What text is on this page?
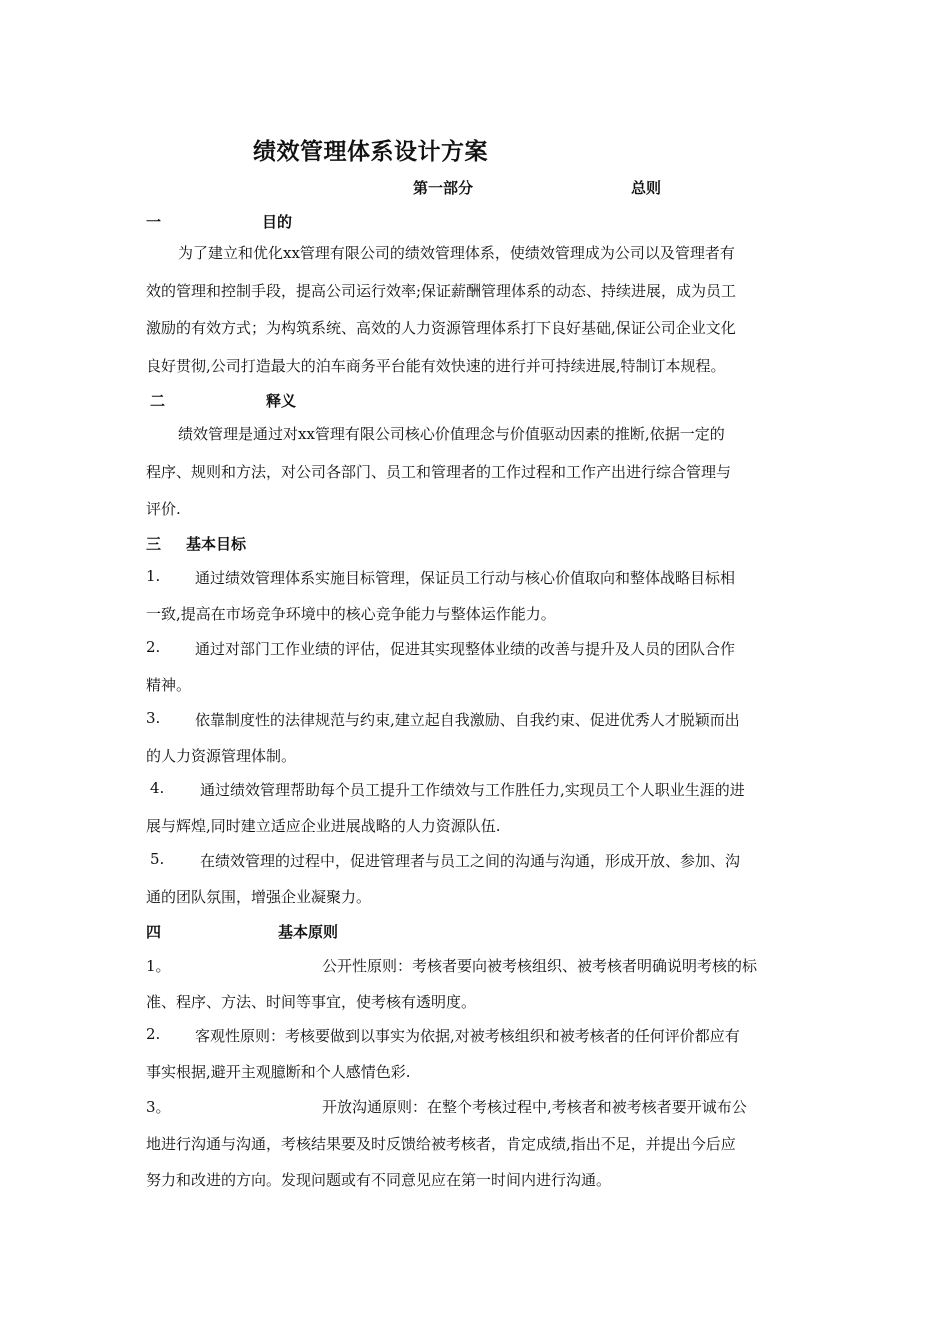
绩效管理体系设计方案
第一部分	总则
一	目的
为了建立和优化xx管理有限公司的绩效管理体系，使绩效管理成为公司以及管理者有
效的管理和控制手段，提高公司运行效率;保证薪酬管理体系的动态、持续进展，成为员工
激励的有效方式；为构筑系统、高效的人力资源管理体系打下良好基础,保证公司企业文化
良好贯彻,公司打造最大的泊车商务平台能有效快速的进行并可持续进展,特制订本规程。
二	释义
绩效管理是通过对xx管理有限公司核心价值理念与价值驱动因素的推断,依据一定的
程序、规则和方法，对公司各部门、员工和管理者的工作过程和工作产出进行综合管理与
评价.
三 基本目标
1. 通过绩效管理体系实施目标管理，保证员工行动与核心价值取向和整体战略目标相
一致,提高在市场竞争环境中的核心竞争能力与整体运作能力。
2. 通过对部门工作业绩的评估，促进其实现整体业绩的改善与提升及人员的团队合作
精神。
3. 依靠制度性的法律规范与约束,建立起自我激励、自我约束、促进优秀人才脱颖而出
的人力资源管理体制。
4. 通过绩效管理帮助每个员工提升工作绩效与工作胜任力,实现员工个人职业生涯的进
展与辉煌,同时建立适应企业进展战略的人力资源队伍.
5. 在绩效管理的过程中，促进管理者与员工之间的沟通与沟通，形成开放、参加、沟
通的团队氛围，增强企业凝聚力。
四	基本原则
1。	公开性原则：考核者要向被考核组织、被考核者明确说明考核的标
准、程序、方法、时间等事宜，使考核有透明度。
2. 客观性原则：考核要做到以事实为依据,对被考核组织和被考核者的任何评价都应有
事实根据,避开主观臆断和个人感情色彩.
3。	开放沟通原则：在整个考核过程中,考核者和被考核者要开诚布公
地进行沟通与沟通，考核结果要及时反馈给被考核者，肯定成绩,指出不足，并提出今后应
努力和改进的方向。发现问题或有不同意见应在第一时间内进行沟通。
